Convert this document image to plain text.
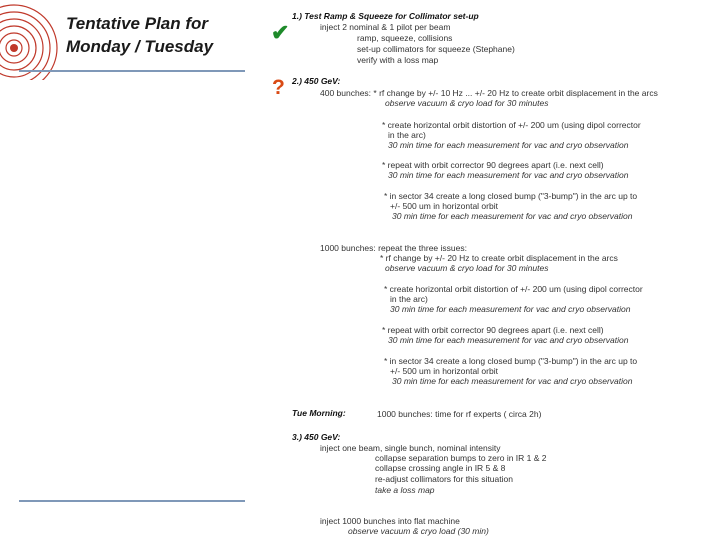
Tentative Plan for
Monday / Tuesday
✔
?
1.) Test Ramp & Squeeze for Collimator set-up
inject 2 nominal & 1 pilot per beam
ramp, squeeze, collisions
set-up collimators for squeeze (Stephane)
verify with a loss map
2.) 450 GeV:
400 bunches: * rf change by +/- 10 Hz ... +/- 20 Hz to create orbit displacement in the arcs
observe vacuum & cryo load for 30 minutes
* create horizontal orbit distortion of +/- 200 um (using dipol corrector
in the arc)
30 min time for each measurement for vac and cryo observation
* repeat with orbit corrector 90 degrees apart (i.e. next cell)
30 min time for each measurement for vac and cryo observation
* in sector 34 create a long closed bump ("3-bump") in the arc up to
+/- 500 um in horizontal orbit
30 min time for each measurement for vac and cryo observation
1000 bunches: repeat the three issues:
* rf change by +/- 20 Hz to create orbit displacement in the arcs
observe vacuum & cryo load for 30 minutes
* create horizontal orbit distortion of +/- 200 um (using dipol corrector
in the arc)
30 min time for each measurement for vac and cryo observation
* repeat with orbit corrector 90 degrees apart (i.e. next cell)
30 min time for each measurement for vac and cryo observation
* in sector 34 create a long closed bump ("3-bump") in the arc up to
+/- 500 um in horizontal orbit
30 min time for each measurement for vac and cryo observation
Tue Morning:	1000 bunches: time for rf experts ( circa 2h)
3.) 450 GeV:
inject one beam, single bunch, nominal intensity
collapse separation bumps to zero in IR 1 & 2
collapse crossing angle in IR 5 & 8
re-adjust collimators for this situation
take a loss map
inject 1000 bunches into flat machine
observe vacuum & cryo load (30 min)
